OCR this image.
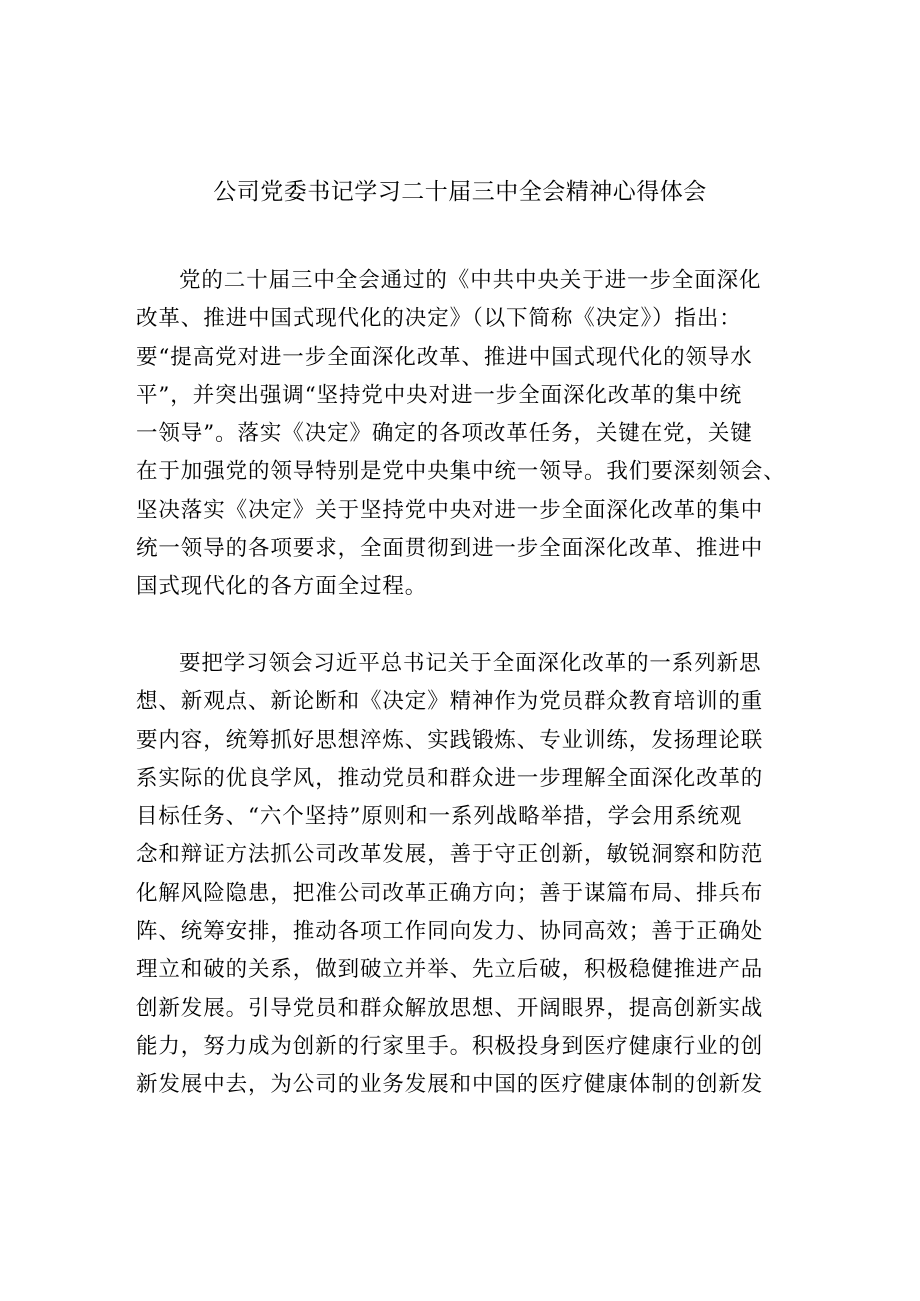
公司党委书记学习二十届三中全会精神心得体会
党的二十届三中全会通过的《中共中央关于进一步全面深化
改革、推进中国式现代化的决定》（以下简称《决定》）指出：
要“提高党对进一步全面深化改革、推进中国式现代化的领导水
平”，并突出强调“坚持党中央对进一步全面深化改革的集中统
一领导”。落实《决定》确定的各项改革任务，关键在党，关键
在于加强党的领导特别是党中央集中统一领导。我们要深刻领会、
坚决落实《决定》关于坚持党中央对进一步全面深化改革的集中
统一领导的各项要求，全面贯彻到进一步全面深化改革、推进中
国式现代化的各方面全过程。
要把学习领会习近平总书记关于全面深化改革的一系列新思
想、新观点、新论断和《决定》精神作为党员群众教育培训的重
要内容，统筹抓好思想淬炼、实践锻炼、专业训练，发扬理论联
系实际的优良学风，推动党员和群众进一步理解全面深化改革的
目标任务、“六个坚持”原则和一系列战略举措，学会用系统观
念和辩证方法抓公司改革发展，善于守正创新，敏锐洞察和防范
化解风险隐患，把准公司改革正确方向；善于谋篇布局、排兵布
阵、统筹安排，推动各项工作同向发力、协同高效；善于正确处
理立和破的关系，做到破立并举、先立后破，积极稳健推进产品
创新发展。引导党员和群众解放思想、开阔眼界，提高创新实战
能力，努力成为创新的行家里手。积极投身到医疗健康行业的创
新发展中去，为公司的业务发展和中国的医疗健康体制的创新发
